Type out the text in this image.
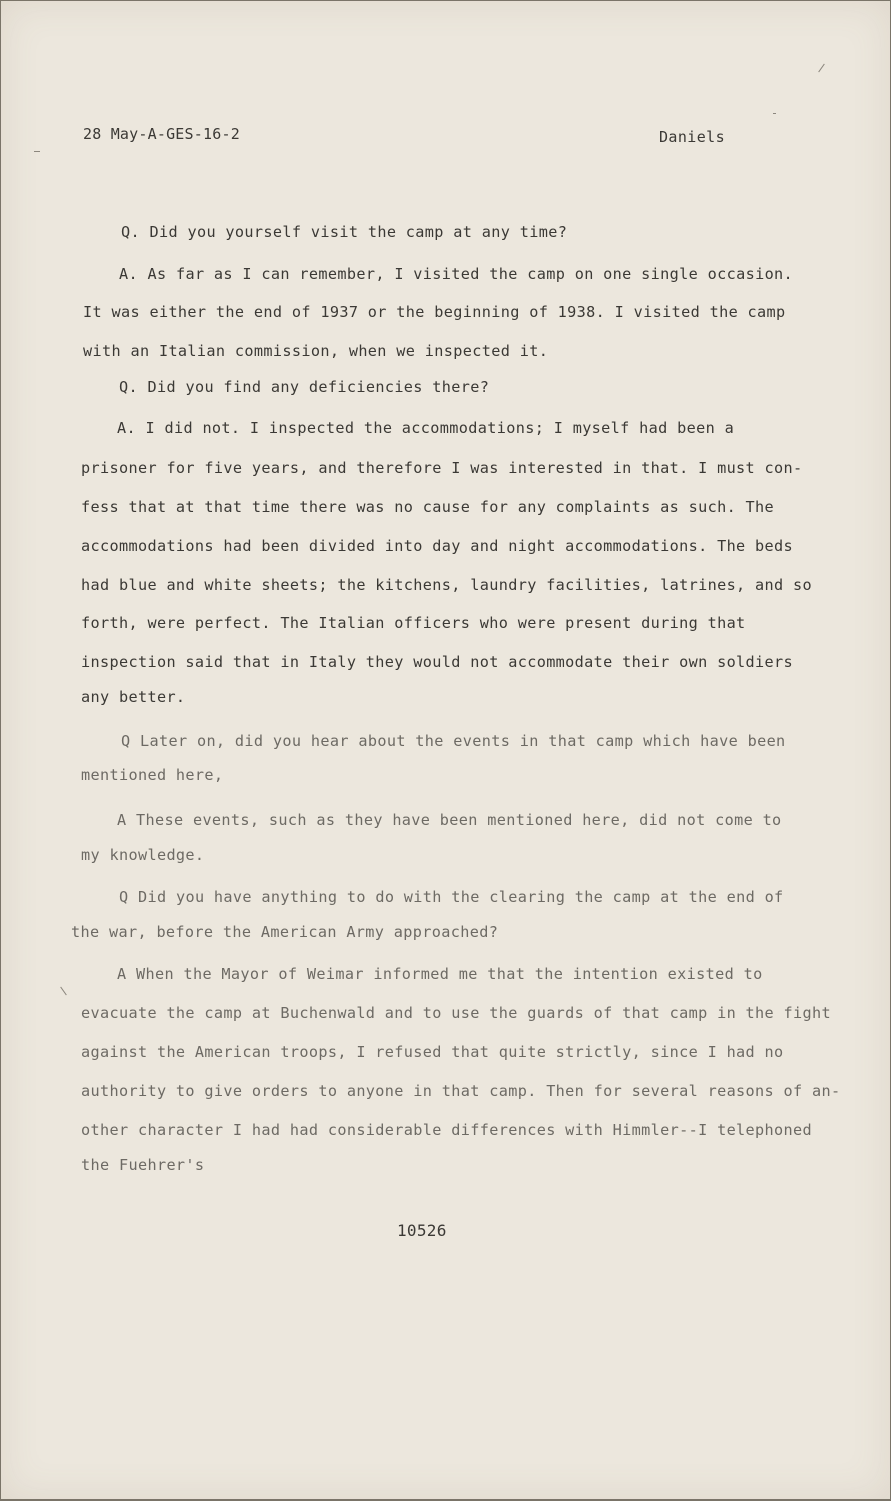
28 May-A-GES-16-2	Daniels
Q. Did you yourself visit the camp at any time?
A. As far as I can remember, I visited the camp on one single occasion.
It was either the end of 1937 or the beginning of 1938. I visited the camp
with an Italian commission, when we inspected it.
Q. Did you find any deficiencies there?
A. I did not. I inspected the accommodations; I myself had been a
prisoner for five years, and therefore I was interested in that. I must con-
fess that at that time there was no cause for any complaints as such. The
accommodations had been divided into day and night accommodations. The beds
had blue and white sheets; the kitchens, laundry facilities, latrines, and so
forth, were perfect. The Italian officers who were present during that
inspection said that in Italy they would not accommodate their own soldiers
any better.
Q Later on, did you hear about the events in that camp which have been
mentioned here,
A These events, such as they have been mentioned here, did not come to
my knowledge.
Q Did you have anything to do with the clearing the camp at the end of
the war, before the American Army approached?
A When the Mayor of Weimar informed me that the intention existed to
evacuate the camp at Buchenwald and to use the guards of that camp in the fight
against the American troops, I refused that quite strictly, since I had no
authority to give orders to anyone in that camp. Then for several reasons of an-
other character I had had considerable differences with Himmler--I telephoned
the Fuehrer's
10526
